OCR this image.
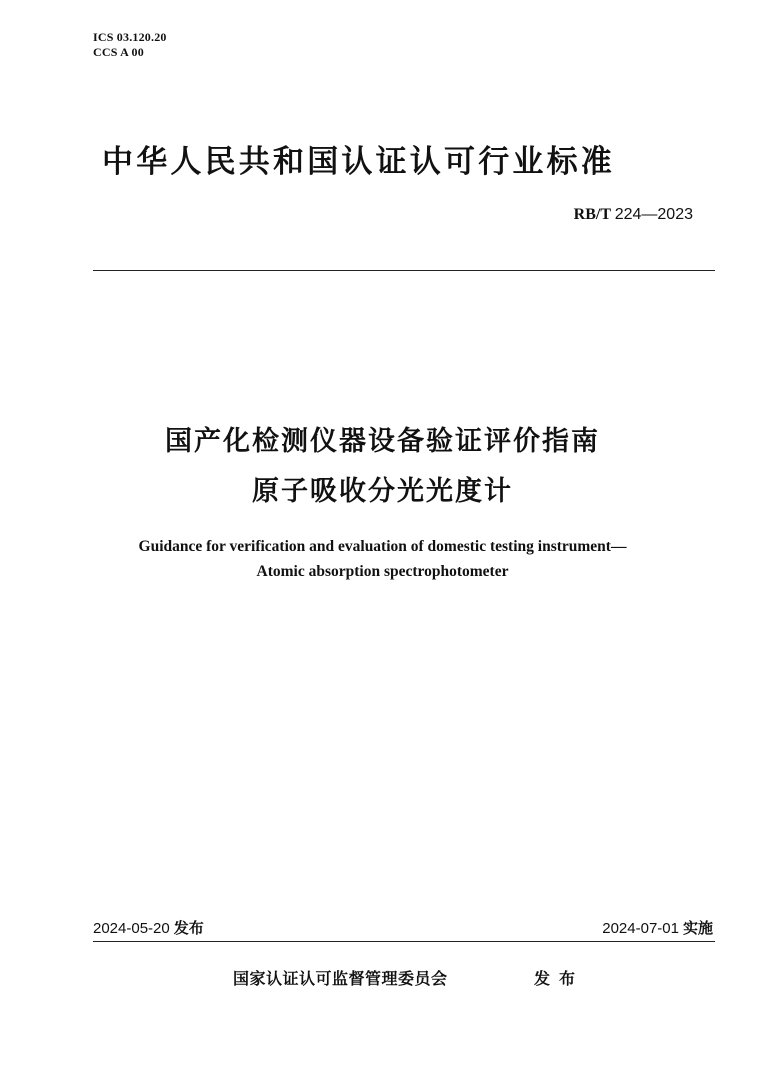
ICS 03.120.20
CCS A 00
中华人民共和国认证认可行业标准
RB/T 224—2023
国产化检测仪器设备验证评价指南
原子吸收分光光度计
Guidance for verification and evaluation of domestic testing instrument—
Atomic absorption spectrophotometer
2024-05-20 发布	2024-07-01 实施
国家认证认可监督管理委员会	发布
